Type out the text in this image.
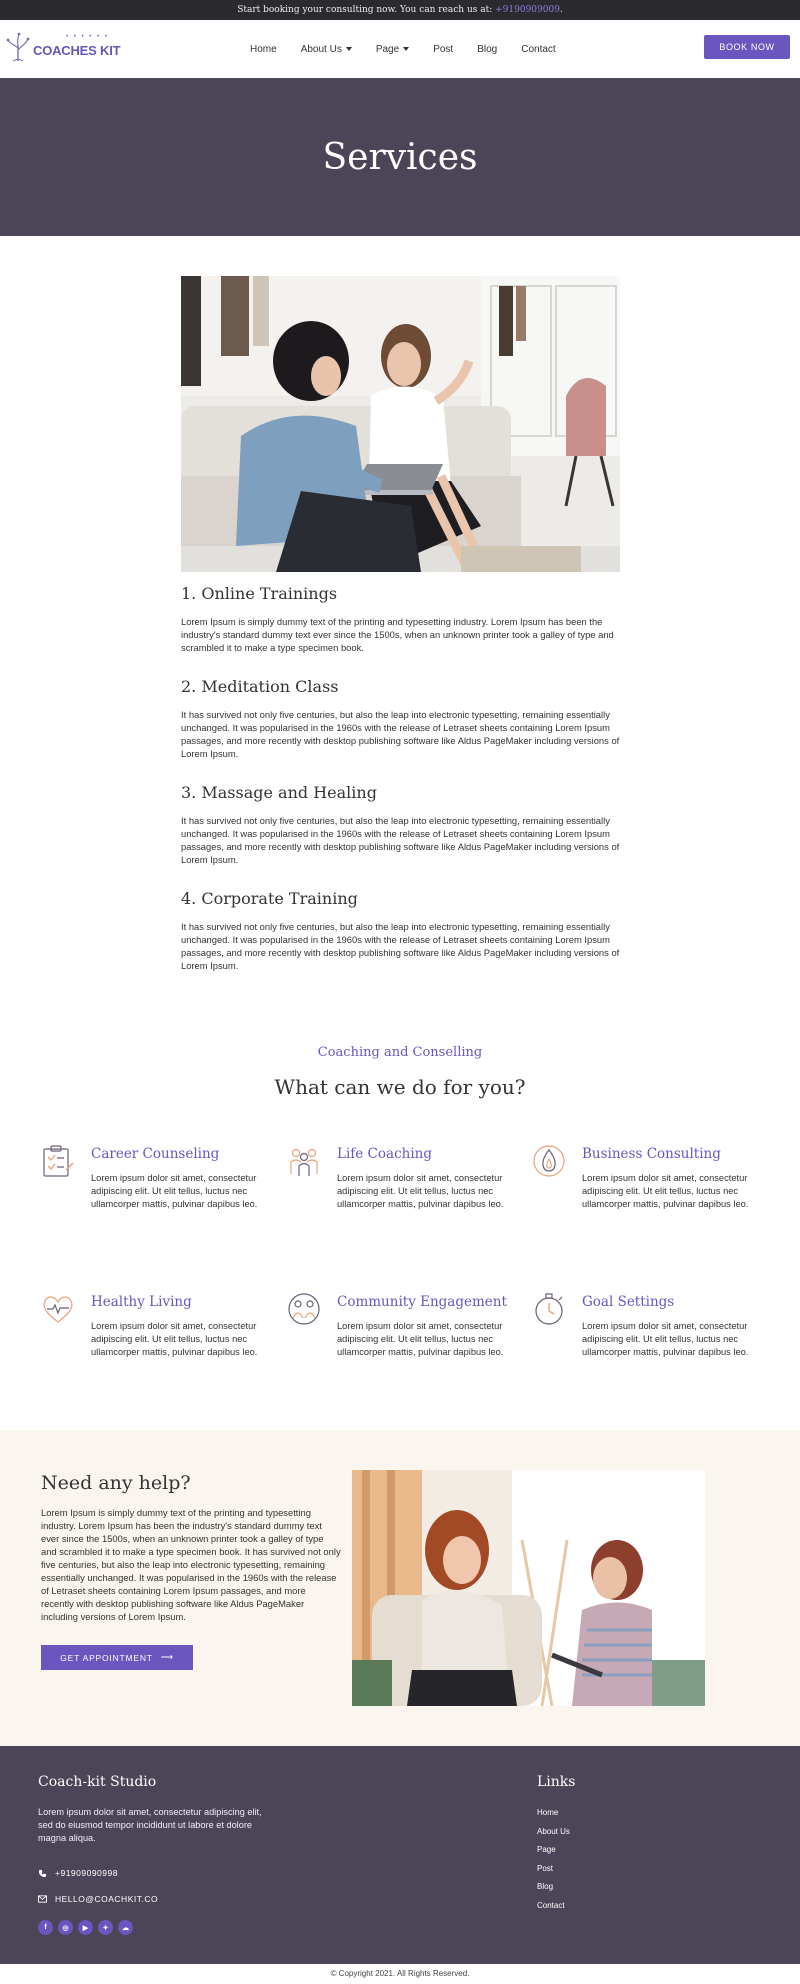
Start booking your consulting now. You can reach us at: +9190909009.
COACHES KIT
• • • • • •
Home About Us	Page	Post Blog Contact	BOOK NOW
Services
1. Online Trainings

Lorem Ipsum is simply dummy text of the printing and typesetting industry. Lorem Ipsum has been the industry's standard dummy text ever since the 1500s, when an unknown printer took a galley of type and scrambled it to make a type specimen book.

2. Meditation Class

It has survived not only five centuries, but also the leap into electronic typesetting, remaining essentially unchanged. It was popularised in the 1960s with the release of Letraset sheets containing Lorem Ipsum passages, and more recently with desktop publishing software like Aldus PageMaker including versions of Lorem Ipsum.

3. Massage and Healing

It has survived not only five centuries, but also the leap into electronic typesetting, remaining essentially unchanged. It was popularised in the 1960s with the release of Letraset sheets containing Lorem Ipsum passages, and more recently with desktop publishing software like Aldus PageMaker including versions of Lorem Ipsum.

4. Corporate Training

It has survived not only five centuries, but also the leap into electronic typesetting, remaining essentially unchanged. It was popularised in the 1960s with the release of Letraset sheets containing Lorem Ipsum passages, and more recently with desktop publishing software like Aldus PageMaker including versions of Lorem Ipsum.

Coaching and Conselling
What can we do for you?
Career Counseling

Lorem ipsum dolor sit amet, consectetur adipiscing elit. Ut elit tellus, luctus nec ullamcorper mattis, pulvinar dapibus leo.

Life Coaching

Lorem ipsum dolor sit amet, consectetur adipiscing elit. Ut elit tellus, luctus nec ullamcorper mattis, pulvinar dapibus leo.

Business Consulting

Lorem ipsum dolor sit amet, consectetur adipiscing elit. Ut elit tellus, luctus nec ullamcorper mattis, pulvinar dapibus leo.

Healthy Living

Lorem ipsum dolor sit amet, consectetur adipiscing elit. Ut elit tellus, luctus nec ullamcorper mattis, pulvinar dapibus leo.

Community Engagement

Lorem ipsum dolor sit amet, consectetur adipiscing elit. Ut elit tellus, luctus nec ullamcorper mattis, pulvinar dapibus leo.

Goal Settings

Lorem ipsum dolor sit amet, consectetur adipiscing elit. Ut elit tellus, luctus nec ullamcorper mattis, pulvinar dapibus leo.

Need any help?

Lorem Ipsum is simply dummy text of the printing and typesetting industry. Lorem Ipsum has been the industry's standard dummy text ever since the 1500s, when an unknown printer took a galley of type and scrambled it to make a type specimen book. It has survived not only five centuries, but also the leap into electronic typesetting, remaining essentially unchanged. It was popularised in the 1960s with the release of Letraset sheets containing Lorem Ipsum passages, and more recently with desktop publishing software like Aldus PageMaker including versions of Lorem Ipsum.

GET APPOINTMENT ⟶
Coach-kit Studio
Lorem ipsum dolor sit amet, consectetur adipiscing elit, sed do eiusmod tempor incididunt ut labore et dolore magna aliqua.
+91909090998
HELLO@COACHKIT.CO
f	◎	▶	✦	☁
Links
Home
About Us
Page
Post
Blog
Contact
© Copyright 2021. All Rights Reserved.
